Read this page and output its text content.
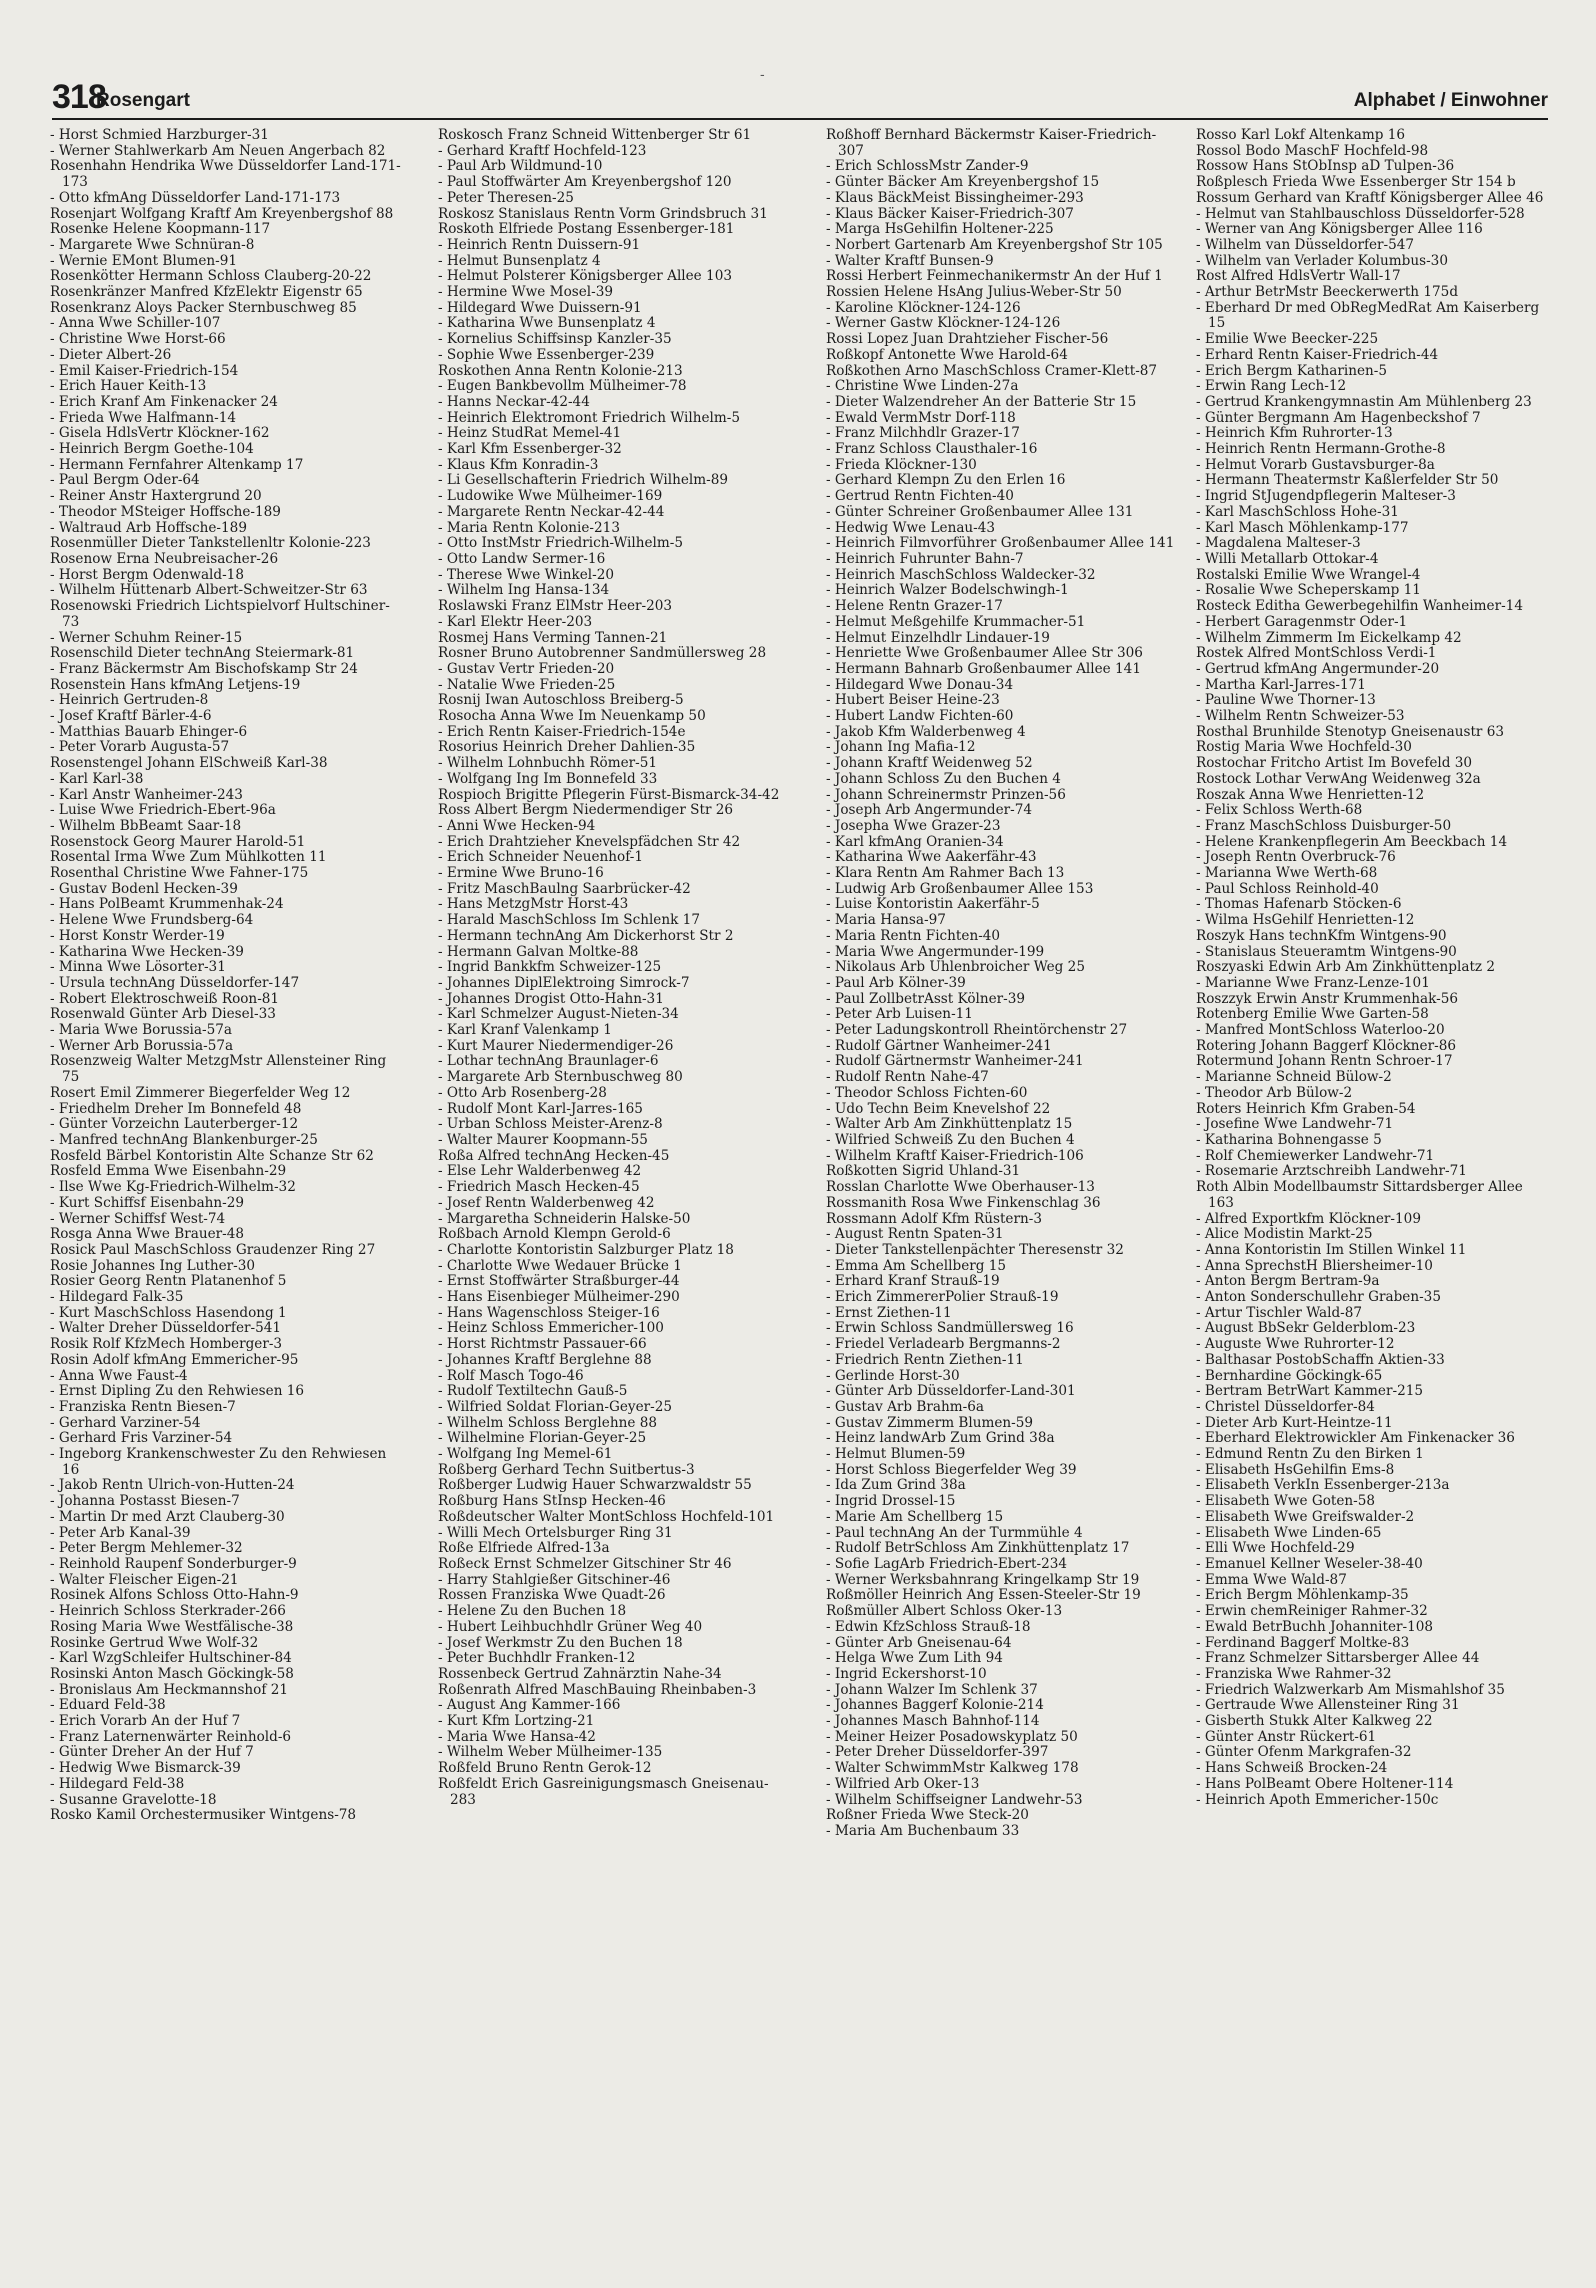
318
Rosengart	Alphabet / Einwohner
-
- Horst Schmied Harzburger-31
- Werner Stahlwerkarb Am Neuen Angerbach 82
Rosenhahn Hendrika Wwe Düsseldorfer Land-171-173
- Otto kfmAng Düsseldorfer Land-171-173
Rosenjart Wolfgang Kraftf Am Kreyenbergshof 88
Rosenke Helene Koopmann-117
- Margarete Wwe Schnüran-8
- Wernie EMont Blumen-91
Rosenkötter Hermann Schloss Clauberg-20-22
Rosenkränzer Manfred KfzElektr Eigenstr 65
Rosenkranz Aloys Packer Sternbuschweg 85
- Anna Wwe Schiller-107
- Christine Wwe Horst-66
- Dieter Albert-26
- Emil Kaiser-Friedrich-154
- Erich Hauer Keith-13
- Erich Kranf Am Finkenacker 24
- Frieda Wwe Halfmann-14
- Gisela HdlsVertr Klöckner-162
- Heinrich Bergm Goethe-104
- Hermann Fernfahrer Altenkamp 17
- Paul Bergm Oder-64
- Reiner Anstr Haxtergrund 20
- Theodor MSteiger Hoffsche-189
- Waltraud Arb Hoffsche-189
Rosenmüller Dieter Tankstellenltr Kolonie-223
Rosenow Erna Neubreisacher-26
- Horst Bergm Odenwald-18
- Wilhelm Hüttenarb Albert-Schweitzer-Str 63
Rosenowski Friedrich Lichtspielvorf Hultschiner-73
- Werner Schuhm Reiner-15
Rosenschild Dieter technAng Steiermark-81
- Franz Bäckermstr Am Bischofskamp Str 24
Rosenstein Hans kfmAng Letjens-19
- Heinrich Gertruden-8
- Josef Kraftf Bärler-4-6
- Matthias Bauarb Ehinger-6
- Peter Vorarb Augusta-57
Rosenstengel Johann ElSchweiß Karl-38
- Karl Karl-38
- Karl Anstr Wanheimer-243
- Luise Wwe Friedrich-Ebert-96a
- Wilhelm BbBeamt Saar-18
Rosenstock Georg Maurer Harold-51
Rosental Irma Wwe Zum Mühlkotten 11
Rosenthal Christine Wwe Fahner-175
- Gustav Bodenl Hecken-39
- Hans PolBeamt Krummenhak-24
- Helene Wwe Frundsberg-64
- Horst Konstr Werder-19
- Katharina Wwe Hecken-39
- Minna Wwe Lösorter-31
- Ursula technAng Düsseldorfer-147
- Robert Elektroschweiß Roon-81
Rosenwald Günter Arb Diesel-33
- Maria Wwe Borussia-57a
- Werner Arb Borussia-57a
Rosenzweig Walter MetzgMstr Allensteiner Ring 75
Rosert Emil Zimmerer Biegerfelder Weg 12
- Friedhelm Dreher Im Bonnefeld 48
- Günter Vorzeichn Lauterberger-12
- Manfred technAng Blankenburger-25
Rosfeld Bärbel Kontoristin Alte Schanze Str 62
Rosfeld Emma Wwe Eisenbahn-29
- Ilse Wwe Kg-Friedrich-Wilhelm-32
- Kurt Schiffsf Eisenbahn-29
- Werner Schiffsf West-74
Rosga Anna Wwe Brauer-48
Rosick Paul MaschSchloss Graudenzer Ring 27
Rosie Johannes Ing Luther-30
Rosier Georg Rentn Platanenhof 5
- Hildegard Falk-35
- Kurt MaschSchloss Hasendong 1
- Walter Dreher Düsseldorfer-541
Rosik Rolf KfzMech Homberger-3
Rosin Adolf kfmAng Emmericher-95
- Anna Wwe Faust-4
- Ernst Dipling Zu den Rehwiesen 16
- Franziska Rentn Biesen-7
- Gerhard Varziner-54
- Gerhard Fris Varziner-54
- Ingeborg Krankenschwester Zu den Rehwiesen 16
- Jakob Rentn Ulrich-von-Hutten-24
- Johanna Postasst Biesen-7
- Martin Dr med Arzt Clauberg-30
- Peter Arb Kanal-39
- Peter Bergm Mehlemer-32
- Reinhold Raupenf Sonderburger-9
- Walter Fleischer Eigen-21
Rosinek Alfons Schloss Otto-Hahn-9
- Heinrich Schloss Sterkrader-266
Rosing Maria Wwe Westfälische-38
Rosinke Gertrud Wwe Wolf-32
- Karl WzgSchleifer Hultschiner-84
Rosinski Anton Masch Göckingk-58
- Bronislaus Am Heckmannshof 21
- Eduard Feld-38
- Erich Vorarb An der Huf 7
- Franz Laternenwärter Reinhold-6
- Günter Dreher An der Huf 7
- Hedwig Wwe Bismarck-39
- Hildegard Feld-38
- Susanne Gravelotte-18
Rosko Kamil Orchestermusiker Wintgens-78
Roskosch Franz Schneid Wittenberger Str 61
- Gerhard Kraftf Hochfeld-123
- Paul Arb Wildmund-10
- Paul Stoffwärter Am Kreyenbergshof 120
- Peter Theresen-25
Roskosz Stanislaus Rentn Vorm Grindsbruch 31
Roskoth Elfriede Postang Essenberger-181
- Heinrich Rentn Duissern-91
- Helmut Bunsenplatz 4
- Helmut Polsterer Königsberger Allee 103
- Hermine Wwe Mosel-39
- Hildegard Wwe Duissern-91
- Katharina Wwe Bunsenplatz 4
- Kornelius Schiffsinsp Kanzler-35
- Sophie Wwe Essenberger-239
Roskothen Anna Rentn Kolonie-213
- Eugen Bankbevollm Mülheimer-78
- Hanns Neckar-42-44
- Heinrich Elektromont Friedrich Wilhelm-5
- Heinz StudRat Memel-41
- Karl Kfm Essenberger-32
- Klaus Kfm Konradin-3
- Li Gesellschafterin Friedrich Wilhelm-89
- Ludowike Wwe Mülheimer-169
- Margarete Rentn Neckar-42-44
- Maria Rentn Kolonie-213
- Otto InstMstr Friedrich-Wilhelm-5
- Otto Landw Sermer-16
- Therese Wwe Winkel-20
- Wilhelm Ing Hansa-134
Roslawski Franz ElMstr Heer-203
- Karl Elektr Heer-203
Rosmej Hans Verming Tannen-21
Rosner Bruno Autobrenner Sandmüllersweg 28
- Gustav Vertr Frieden-20
- Natalie Wwe Frieden-25
Rosnij Iwan Autoschloss Breiberg-5
Rosocha Anna Wwe Im Neuenkamp 50
- Erich Rentn Kaiser-Friedrich-154e
Rosorius Heinrich Dreher Dahlien-35
- Wilhelm Lohnbuchh Römer-51
- Wolfgang Ing Im Bonnefeld 33
Rospioch Brigitte Pflegerin Fürst-Bismarck-34-42
Ross Albert Bergm Niedermendiger Str 26
- Anni Wwe Hecken-94
- Erich Drahtzieher Knevelspfädchen Str 42
- Erich Schneider Neuenhof-1
- Ermine Wwe Bruno-16
- Fritz MaschBaulng Saarbrücker-42
- Hans MetzgMstr Horst-43
- Harald MaschSchloss Im Schlenk 17
- Hermann technAng Am Dickerhorst Str 2
- Hermann Galvan Moltke-88
- Ingrid Bankkfm Schweizer-125
- Johannes DiplElektroing Simrock-7
- Johannes Drogist Otto-Hahn-31
- Karl Schmelzer August-Nieten-34
- Karl Kranf Valenkamp 1
- Kurt Maurer Niedermendiger-26
- Lothar technAng Braunlager-6
- Margarete Arb Sternbuschweg 80
- Otto Arb Rosenberg-28
- Rudolf Mont Karl-Jarres-165
- Urban Schloss Meister-Arenz-8
- Walter Maurer Koopmann-55
Roßa Alfred technAng Hecken-45
- Else Lehr Walderbenweg 42
- Friedrich Masch Hecken-45
- Josef Rentn Walderbenweg 42
- Margaretha Schneiderin Halske-50
Roßbach Arnold Klempn Gerold-6
- Charlotte Kontoristin Salzburger Platz 18
- Charlotte Wwe Wedauer Brücke 1
- Ernst Stoffwärter Straßburger-44
- Hans Eisenbieger Mülheimer-290
- Hans Wagenschloss Steiger-16
- Heinz Schloss Emmericher-100
- Horst Richtmstr Passauer-66
- Johannes Kraftf Berglehne 88
- Rolf Masch Togo-46
- Rudolf Textiltechn Gauß-5
- Wilfried Soldat Florian-Geyer-25
- Wilhelm Schloss Berglehne 88
- Wilhelmine Florian-Geyer-25
- Wolfgang Ing Memel-61
Roßberg Gerhard Techn Suitbertus-3
Roßberger Ludwig Hauer Schwarzwaldstr 55
Roßburg Hans StInsp Hecken-46
Roßdeutscher Walter MontSchloss Hochfeld-101
- Willi Mech Ortelsburger Ring 31
Roße Elfriede Alfred-13a
Roßeck Ernst Schmelzer Gitschiner Str 46
- Harry Stahlgießer Gitschiner-46
Rossen Franziska Wwe Quadt-26
- Helene Zu den Buchen 18
- Hubert Leihbuchhdlr Grüner Weg 40
- Josef Werkmstr Zu den Buchen 18
- Peter Buchhdlr Franken-12
Rossenbeck Gertrud Zahnärztin Nahe-34
Roßenrath Alfred MaschBauing Rheinbaben-3
- August Ang Kammer-166
- Kurt Kfm Lortzing-21
- Maria Wwe Hansa-42
- Wilhelm Weber Mülheimer-135
Roßfeld Bruno Rentn Gerok-12
Roßfeldt Erich Gasreinigungsmasch Gneisenau-283
Roßhoff Bernhard Bäckermstr Kaiser-Friedrich-307
- Erich SchlossMstr Zander-9
- Günter Bäcker Am Kreyenbergshof 15
- Klaus BäckMeist Bissingheimer-293
- Klaus Bäcker Kaiser-Friedrich-307
- Marga HsGehilfin Holtener-225
- Norbert Gartenarb Am Kreyenbergshof Str 105
- Walter Kraftf Bunsen-9
Rossi Herbert Feinmechanikermstr An der Huf 1
Rossien Helene HsAng Julius-Weber-Str 50
- Karoline Klöckner-124-126
- Werner Gastw Klöckner-124-126
Rossi Lopez Juan Drahtzieher Fischer-56
Roßkopf Antonette Wwe Harold-64
Roßkothen Arno MaschSchloss Cramer-Klett-87
- Christine Wwe Linden-27a
- Dieter Walzendreher An der Batterie Str 15
- Ewald VermMstr Dorf-118
- Franz Milchhdlr Grazer-17
- Franz Schloss Clausthaler-16
- Frieda Klöckner-130
- Gerhard Klempn Zu den Erlen 16
- Gertrud Rentn Fichten-40
- Günter Schreiner Großenbaumer Allee 131
- Hedwig Wwe Lenau-43
- Heinrich Filmvorführer Großenbaumer Allee 141
- Heinrich Fuhrunter Bahn-7
- Heinrich MaschSchloss Waldecker-32
- Heinrich Walzer Bodelschwingh-1
- Helene Rentn Grazer-17
- Helmut Meßgehilfe Krummacher-51
- Helmut Einzelhdlr Lindauer-19
- Henriette Wwe Großenbaumer Allee Str 306
- Hermann Bahnarb Großenbaumer Allee 141
- Hildegard Wwe Donau-34
- Hubert Beiser Heine-23
- Hubert Landw Fichten-60
- Jakob Kfm Walderbenweg 4
- Johann Ing Mafia-12
- Johann Kraftf Weidenweg 52
- Johann Schloss Zu den Buchen 4
- Johann Schreinermstr Prinzen-56
- Joseph Arb Angermunder-74
- Josepha Wwe Grazer-23
- Karl kfmAng Oranien-34
- Katharina Wwe Aakerfähr-43
- Klara Rentn Am Rahmer Bach 13
- Ludwig Arb Großenbaumer Allee 153
- Luise Kontoristin Aakerfähr-5
- Maria Hansa-97
- Maria Rentn Fichten-40
- Maria Wwe Angermunder-199
- Nikolaus Arb Uhlenbroicher Weg 25
- Paul Arb Kölner-39
- Paul ZollbetrAsst Kölner-39
- Peter Arb Luisen-11
- Peter Ladungskontroll Rheintörchenstr 27
- Rudolf Gärtner Wanheimer-241
- Rudolf Gärtnermstr Wanheimer-241
- Rudolf Rentn Nahe-47
- Theodor Schloss Fichten-60
- Udo Techn Beim Knevelshof 22
- Walter Arb Am Zinkhüttenplatz 15
- Wilfried Schweiß Zu den Buchen 4
- Wilhelm Kraftf Kaiser-Friedrich-106
Roßkotten Sigrid Uhland-31
Rosslan Charlotte Wwe Oberhauser-13
Rossmanith Rosa Wwe Finkenschlag 36
Rossmann Adolf Kfm Rüstern-3
- August Rentn Spaten-31
- Dieter Tankstellenpächter Theresenstr 32
- Emma Am Schellberg 15
- Erhard Kranf Strauß-19
- Erich ZimmererPolier Strauß-19
- Ernst Ziethen-11
- Erwin Schloss Sandmüllersweg 16
- Friedel Verladearb Bergmanns-2
- Friedrich Rentn Ziethen-11
- Gerlinde Horst-30
- Günter Arb Düsseldorfer-Land-301
- Gustav Arb Brahm-6a
- Gustav Zimmerm Blumen-59
- Heinz landwArb Zum Grind 38a
- Helmut Blumen-59
- Horst Schloss Biegerfelder Weg 39
- Ida Zum Grind 38a
- Ingrid Drossel-15
- Marie Am Schellberg 15
- Paul technAng An der Turmmühle 4
- Rudolf BetrSchloss Am Zinkhüttenplatz 17
- Sofie LagArb Friedrich-Ebert-234
- Werner Werksbahnrang Kringelkamp Str 19
Roßmöller Heinrich Ang Essen-Steeler-Str 19
Roßmüller Albert Schloss Oker-13
- Edwin KfzSchloss Strauß-18
- Günter Arb Gneisenau-64
- Helga Wwe Zum Lith 94
- Ingrid Eckershorst-10
- Johann Walzer Im Schlenk 37
- Johannes Baggerf Kolonie-214
- Johannes Masch Bahnhof-114
- Meiner Heizer Posadowskyplatz 50
- Peter Dreher Düsseldorfer-397
- Walter SchwimmMstr Kalkweg 178
- Wilfried Arb Oker-13
- Wilhelm Schiffseigner Landwehr-53
Roßner Frieda Wwe Steck-20
- Maria Am Buchenbaum 33
Rosso Karl Lokf Altenkamp 16
Rossol Bodo MaschF Hochfeld-98
Rossow Hans StObInsp aD Tulpen-36
Roßplesch Frieda Wwe Essenberger Str 154 b
Rossum Gerhard van Kraftf Königsberger Allee 46
- Helmut van Stahlbauschloss Düsseldorfer-528
- Werner van Ang Königsberger Allee 116
- Wilhelm van Düsseldorfer-547
- Wilhelm van Verlader Kolumbus-30
Rost Alfred HdlsVertr Wall-17
- Arthur BetrMstr Beeckerwerth 175d
- Eberhard Dr med ObRegMedRat Am Kaiserberg 15
- Emilie Wwe Beecker-225
- Erhard Rentn Kaiser-Friedrich-44
- Erich Bergm Katharinen-5
- Erwin Rang Lech-12
- Gertrud Krankengymnastin Am Mühlenberg 23
- Günter Bergmann Am Hagenbeckshof 7
- Heinrich Kfm Ruhrorter-13
- Heinrich Rentn Hermann-Grothe-8
- Helmut Vorarb Gustavsburger-8a
- Hermann Theatermstr Kaßlerfelder Str 50
- Ingrid StJugendpflegerin Malteser-3
- Karl MaschSchloss Hohe-31
- Karl Masch Möhlenkamp-177
- Magdalena Malteser-3
- Willi Metallarb Ottokar-4
Rostalski Emilie Wwe Wrangel-4
- Rosalie Wwe Scheperskamp 11
Rosteck Editha Gewerbegehilfin Wanheimer-14
- Herbert Garagenmstr Oder-1
- Wilhelm Zimmerm Im Eickelkamp 42
Rostek Alfred MontSchloss Verdi-1
- Gertrud kfmAng Angermunder-20
- Martha Karl-Jarres-171
- Pauline Wwe Thorner-13
- Wilhelm Rentn Schweizer-53
Rosthal Brunhilde Stenotyp Gneisenaustr 63
Rostig Maria Wwe Hochfeld-30
Rostochar Fritcho Artist Im Bovefeld 30
Rostock Lothar VerwAng Weidenweg 32a
Roszak Anna Wwe Henrietten-12
- Felix Schloss Werth-68
- Franz MaschSchloss Duisburger-50
- Helene Krankenpflegerin Am Beeckbach 14
- Joseph Rentn Overbruck-76
- Marianna Wwe Werth-68
- Paul Schloss Reinhold-40
- Thomas Hafenarb Stöcken-6
- Wilma HsGehilf Henrietten-12
Roszyk Hans technKfm Wintgens-90
- Stanislaus Steueramtm Wintgens-90
Roszyaski Edwin Arb Am Zinkhüttenplatz 2
- Marianne Wwe Franz-Lenze-101
Roszzyk Erwin Anstr Krummenhak-56
Rotenberg Emilie Wwe Garten-58
- Manfred MontSchloss Waterloo-20
Rotering Johann Baggerf Klöckner-86
Rotermund Johann Rentn Schroer-17
- Marianne Schneid Bülow-2
- Theodor Arb Bülow-2
Roters Heinrich Kfm Graben-54
- Josefine Wwe Landwehr-71
- Katharina Bohnengasse 5
- Rolf Chemiewerker Landwehr-71
- Rosemarie Arztschreibh Landwehr-71
Roth Albin Modellbaumstr Sittardsberger Allee 163
- Alfred Exportkfm Klöckner-109
- Alice Modistin Markt-25
- Anna Kontoristin Im Stillen Winkel 11
- Anna SprechstH Bliersheimer-10
- Anton Bergm Bertram-9a
- Anton Sonderschullehr Graben-35
- Artur Tischler Wald-87
- August BbSekr Gelderblom-23
- Auguste Wwe Ruhrorter-12
- Balthasar PostobSchaffn Aktien-33
- Bernhardine Göckingk-65
- Bertram BetrWart Kammer-215
- Christel Düsseldorfer-84
- Dieter Arb Kurt-Heintze-11
- Eberhard Elektrowickler Am Finkenacker 36
- Edmund Rentn Zu den Birken 1
- Elisabeth HsGehilfin Ems-8
- Elisabeth VerkIn Essenberger-213a
- Elisabeth Wwe Goten-58
- Elisabeth Wwe Greifswalder-2
- Elisabeth Wwe Linden-65
- Elli Wwe Hochfeld-29
- Emanuel Kellner Weseler-38-40
- Emma Wwe Wald-87
- Erich Bergm Möhlenkamp-35
- Erwin chemReiniger Rahmer-32
- Ewald BetrBuchh Johanniter-108
- Ferdinand Baggerf Moltke-83
- Franz Schmelzer Sittarsberger Allee 44
- Franziska Wwe Rahmer-32
- Friedrich Walzwerkarb Am Mismahlshof 35
- Gertraude Wwe Allensteiner Ring 31
- Gisberth Stukk Alter Kalkweg 22
- Günter Anstr Rückert-61
- Günter Ofenm Markgrafen-32
- Hans Schweiß Brocken-24
- Hans PolBeamt Obere Holtener-114
- Heinrich Apoth Emmericher-150c
